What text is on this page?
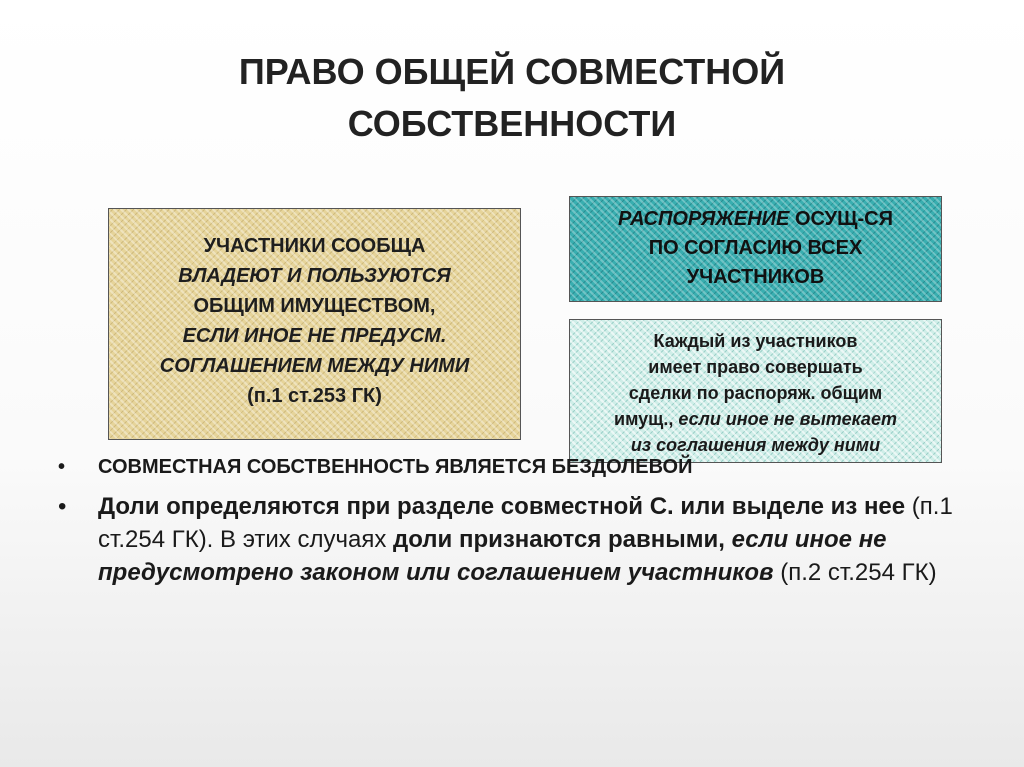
ПРАВО ОБЩЕЙ СОВМЕСТНОЙ
СОБСТВЕННОСТИ
УЧАСТНИКИ СООБЩА
ВЛАДЕЮТ И ПОЛЬЗУЮТСЯ
ОБЩИМ ИМУЩЕСТВОМ,
ЕСЛИ ИНОЕ НЕ ПРЕДУСМ.
СОГЛАШЕНИЕМ МЕЖДУ НИМИ
(п.1 ст.253 ГК)
РАСПОРЯЖЕНИЕ ОСУЩ-СЯ
ПО СОГЛАСИЮ ВСЕХ
УЧАСТНИКОВ
Каждый из участников
имеет право совершать
сделки по распоряж. общим
имущ., если иное не вытекает
из соглашения между ними
• СОВМЕСТНАЯ СОБСТВЕННОСТЬ ЯВЛЯЕТСЯ БЕЗДОЛЕВОЙ
• Доли определяются при разделе совместной С. или выделе из нее (п.1 ст.254 ГК). В этих случаях доли признаются равными, если иное не предусмотрено законом или соглашением участников (п.2 ст.254 ГК)
